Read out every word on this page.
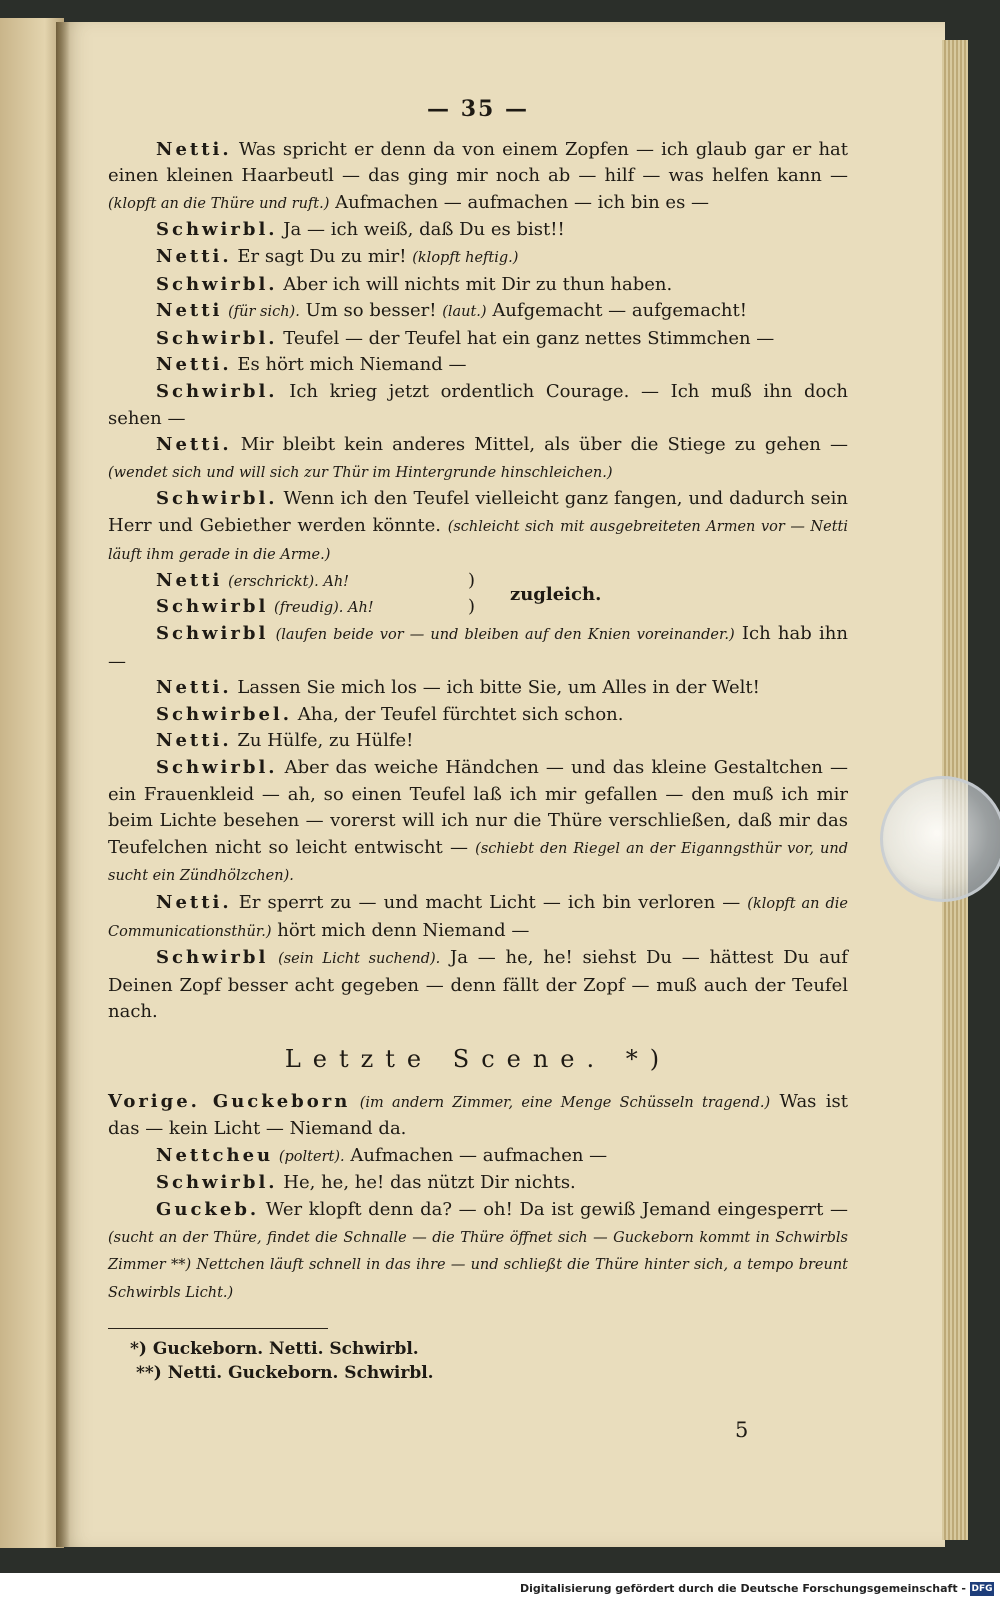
— 35 —

Netti. Was spricht er denn da von einem Zopfen — ich glaub gar er hat einen kleinen Haarbeutl — das ging mir noch ab — hilf — was helfen kann — (klopft an die Thüre und ruft.) Aufmachen — aufmachen — ich bin es —

Schwirbl. Ja — ich weiß, daß Du es bist!!

Netti. Er sagt Du zu mir! (klopft heftig.)

Schwirbl. Aber ich will nichts mit Dir zu thun haben.

Netti (für sich). Um so besser! (laut.) Aufgemacht — aufgemacht!

Schwirbl. Teufel — der Teufel hat ein ganz nettes Stimmchen —

Netti. Es hört mich Niemand —

Schwirbl. Ich krieg jetzt ordentlich Courage. — Ich muß ihn doch sehen —

Netti. Mir bleibt kein anderes Mittel, als über die Stiege zu gehen — (wendet sich und will sich zur Thür im Hintergrunde hinschleichen.)

Schwirbl. Wenn ich den Teufel vielleicht ganz fangen, und dadurch sein Herr und Gebiether werden könnte. (schleicht sich mit ausgebreiteten Armen vor — Netti läuft ihm gerade in die Arme.)

Netti (erschrickt). Ah!
Schwirbl (freudig). Ah!
)
)
zugleich.

Schwirbl (laufen beide vor — und bleiben auf den Knien voreinander.) Ich hab ihn —

Netti. Lassen Sie mich los — ich bitte Sie, um Alles in der Welt!

Schwirbel. Aha, der Teufel fürchtet sich schon.

Netti. Zu Hülfe, zu Hülfe!

Schwirbl. Aber das weiche Händchen — und das kleine Gestaltchen — ein Frauenkleid — ah, so einen Teufel laß ich mir gefallen — den muß ich mir beim Lichte besehen — vorerst will ich nur die Thüre verschließen, daß mir das Teufelchen nicht so leicht entwischt — (schiebt den Riegel an der Eiganngsthür vor, und sucht ein Zündhölzchen).

Netti. Er sperrt zu — und macht Licht — ich bin verloren — (klopft an die Communicationsthür.) hört mich denn Niemand —

Schwirbl (sein Licht suchend). Ja — he, he! siehst Du — hättest Du auf Deinen Zopf besser acht gegeben — denn fällt der Zopf — muß auch der Teufel nach.

Letzte Scene. *)

Vorige. Guckeborn (im andern Zimmer, eine Menge Schüsseln tragend.) Was ist das — kein Licht — Niemand da.

Nettcheu (poltert). Aufmachen — aufmachen —

Schwirbl. He, he, he! das nützt Dir nichts.

Guckeb. Wer klopft denn da? — oh! Da ist gewiß Jemand eingesperrt — (sucht an der Thüre, findet die Schnalle — die Thüre öffnet sich — Guckeborn kommt in Schwirbls Zimmer **) Nettchen läuft schnell in das ihre — und schließt die Thüre hinter sich, a tempo breunt Schwirbls Licht.)

*) Guckeborn. Netti. Schwirbl.
**) Netti. Guckeborn. Schwirbl.
5
Digitalisierung gefördert durch die Deutsche Forschungsgemeinschaft - DFG
